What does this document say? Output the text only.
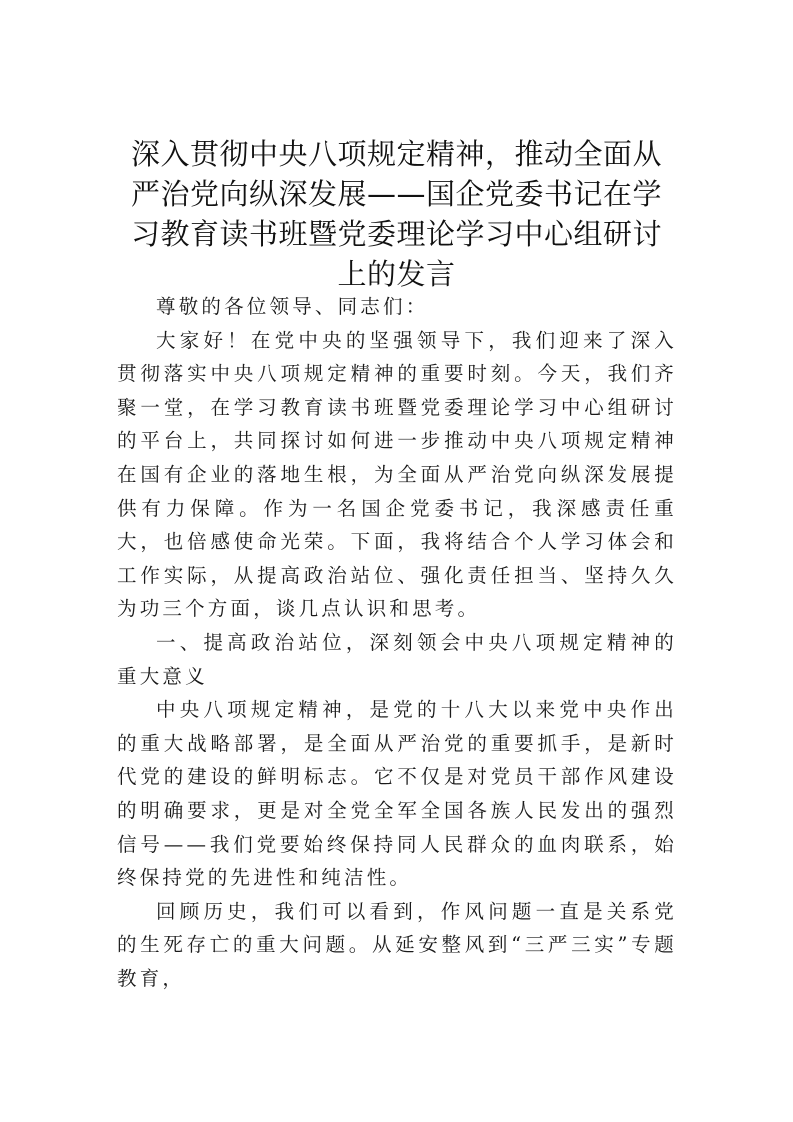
深入贯彻中央八项规定精神，推动全面从严治党向纵深发展——国企党委书记在学习教育读书班暨党委理论学习中心组研讨上的发言

尊敬的各位领导、同志们：

大家好！在党中央的坚强领导下，我们迎来了深入贯彻落实中央八项规定精神的重要时刻。今天，我们齐聚一堂，在学习教育读书班暨党委理论学习中心组研讨的平台上，共同探讨如何进一步推动中央八项规定精神在国有企业的落地生根，为全面从严治党向纵深发展提供有力保障。作为一名国企党委书记，我深感责任重大，也倍感使命光荣。下面，我将结合个人学习体会和工作实际，从提高政治站位、强化责任担当、坚持久久为功三个方面，谈几点认识和思考。

一、提高政治站位，深刻领会中央八项规定精神的重大意义

中央八项规定精神，是党的十八大以来党中央作出的重大战略部署，是全面从严治党的重要抓手，是新时代党的建设的鲜明标志。它不仅是对党员干部作风建设的明确要求，更是对全党全军全国各族人民发出的强烈信号——我们党要始终保持同人民群众的血肉联系，始终保持党的先进性和纯洁性。

回顾历史，我们可以看到，作风问题一直是关系党的生死存亡的重大问题。从延安整风到“三严三实”专题教育，
